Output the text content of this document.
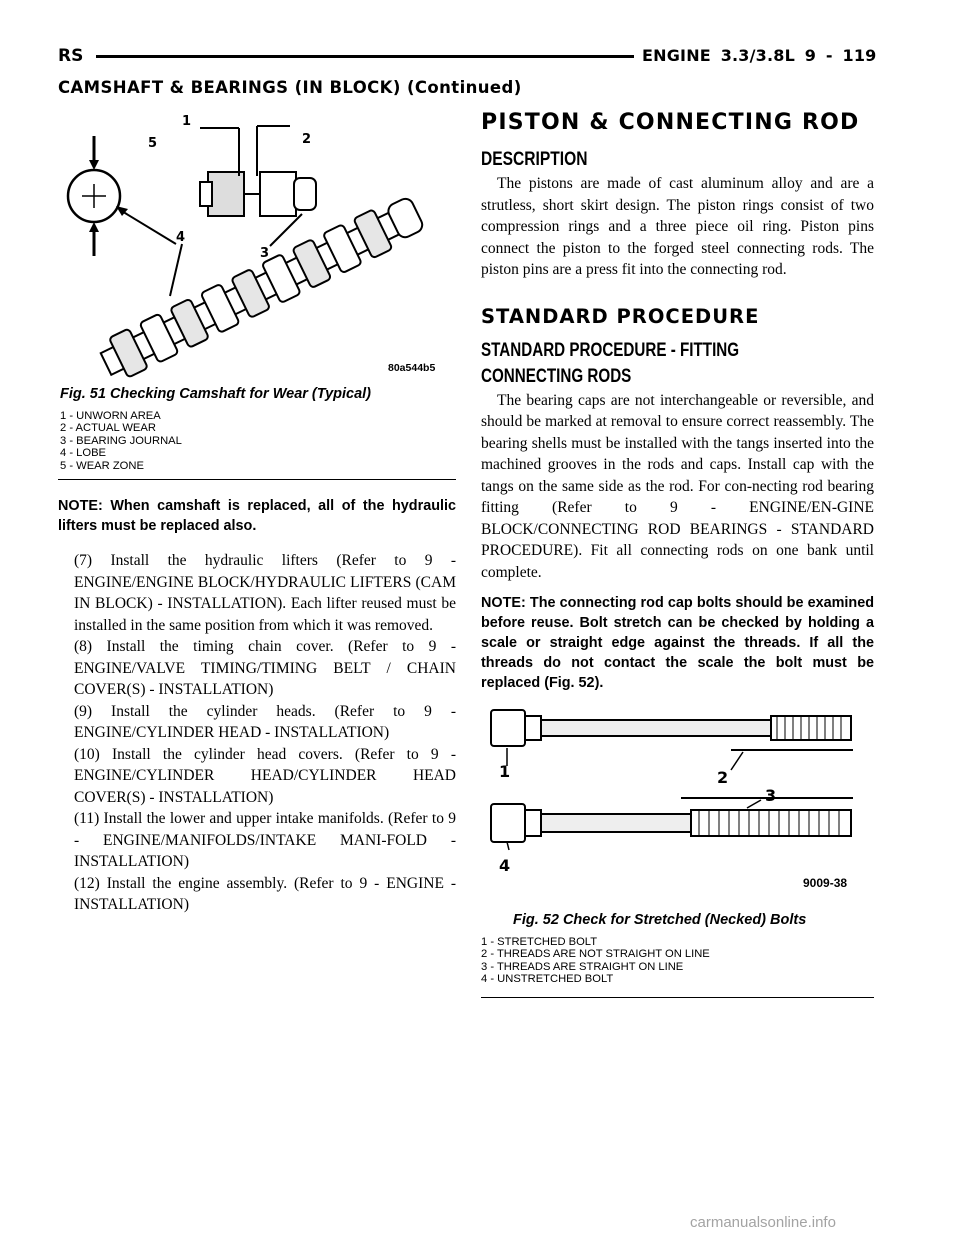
RS	ENGINE 3.3/3.8L 9 - 119
CAMSHAFT & BEARINGS (IN BLOCK) (Continued)
1
2
3
4
5
80a544b5
Fig. 51 Checking Camshaft for Wear (Typical)
1 - UNWORN AREA
2 - ACTUAL WEAR
3 - BEARING JOURNAL
4 - LOBE
5 - WEAR ZONE
NOTE: When camshaft is replaced, all of the hydraulic lifters must be replaced also.
(7) Install the hydraulic lifters (Refer to 9 - ENGINE/ENGINE BLOCK/HYDRAULIC LIFTERS (CAM IN BLOCK) - INSTALLATION). Each lifter reused must be installed in the same position from which it was removed.
(8) Install the timing chain cover. (Refer to 9 - ENGINE/VALVE TIMING/TIMING BELT / CHAIN COVER(S) - INSTALLATION)
(9) Install the cylinder heads. (Refer to 9 - ENGINE/CYLINDER HEAD - INSTALLATION)
(10) Install the cylinder head covers. (Refer to 9 - ENGINE/CYLINDER HEAD/CYLINDER HEAD COVER(S) - INSTALLATION)
(11) Install the lower and upper intake manifolds. (Refer to 9 - ENGINE/MANIFOLDS/INTAKE MANI-FOLD - INSTALLATION)
(12) Install the engine assembly. (Refer to 9 - ENGINE - INSTALLATION)
PISTON & CONNECTING ROD
DESCRIPTION
The pistons are made of cast aluminum alloy and are a strutless, short skirt design. The piston rings consist of two compression rings and a three piece oil ring. Piston pins connect the piston to the forged steel connecting rods. The piston pins are a press fit into the connecting rod.
STANDARD PROCEDURE
STANDARD PROCEDURE - FITTING
CONNECTING RODS
The bearing caps are not interchangeable or reversible, and should be marked at removal to ensure correct reassembly. The bearing shells must be installed with the tangs inserted into the machined grooves in the rods and caps. Install cap with the tangs on the same side as the rod. For con-necting rod bearing fitting (Refer to 9 - ENGINE/EN-GINE BLOCK/CONNECTING ROD BEARINGS - STANDARD PROCEDURE). Fit all connecting rods on one bank until complete.
NOTE: The connecting rod cap bolts should be examined before reuse. Bolt stretch can be checked by holding a scale or straight edge against the threads. If all the threads do not contact the scale the bolt must be replaced (Fig. 52).
1	2
3
4
9009-38
Fig. 52 Check for Stretched (Necked) Bolts
1 - STRETCHED BOLT
2 - THREADS ARE NOT STRAIGHT ON LINE
3 - THREADS ARE STRAIGHT ON LINE
4 - UNSTRETCHED BOLT
carmanualsonline.info
